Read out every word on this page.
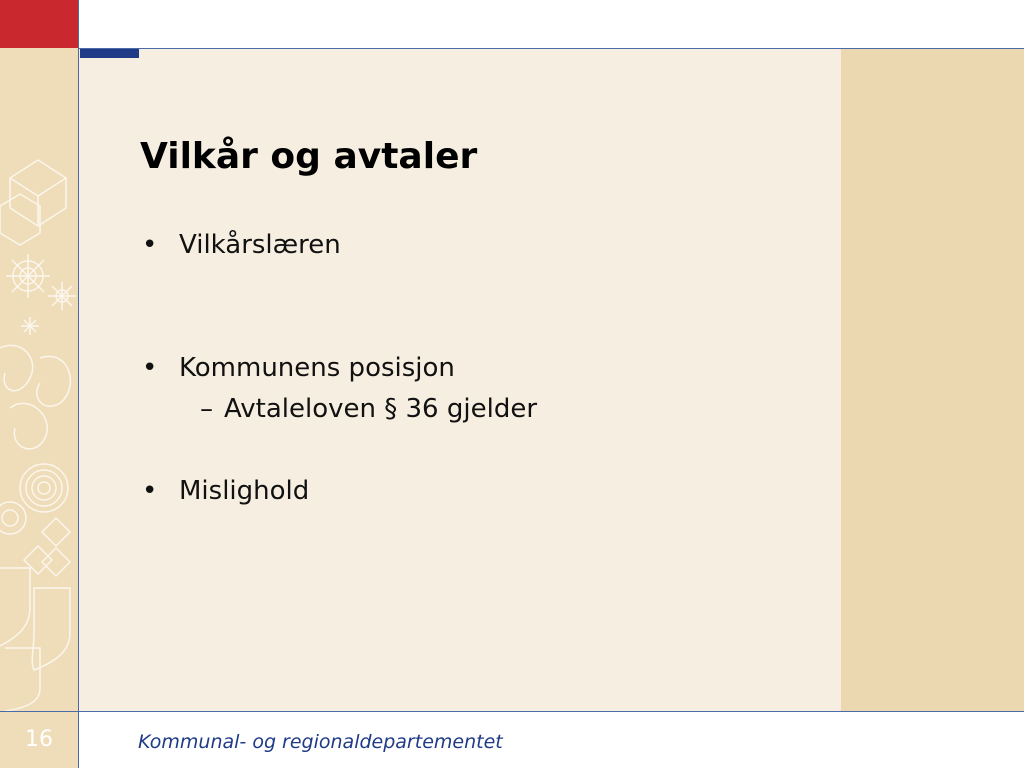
Vilkår og avtaler
• Vilkårslæren
• Kommunens posisjon
– Avtaleloven § 36 gjelder
• Mislighold
16	Kommunal- og regionaldepartementet
